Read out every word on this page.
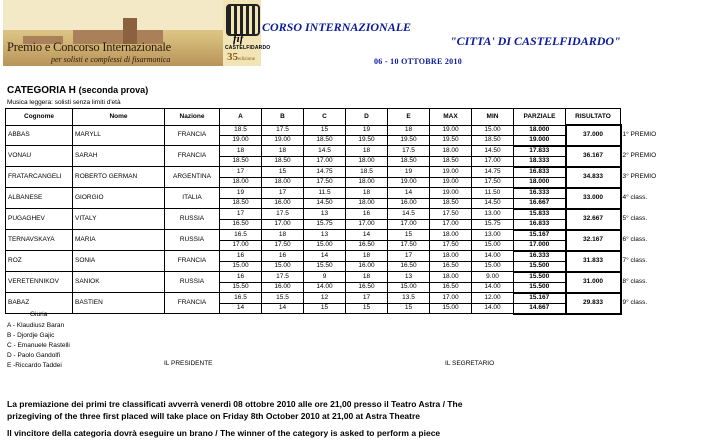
Premio e Concorso Internazionale
per solisti e complessi di fisarmonica
fif
CASTELFIDARDO
35edizione
CORSO INTERNAZIONALE
"CITTA' DI CASTELFIDARDO"
06 - 10 OTTOBRE 2010
CATEGORIA H (seconda prova)
Musica leggera: solisti senza limiti d'età
Cognome	Nome	Nazione	A	B	C	D	E	MAX	MIN	PARZIALE	RISULTATO	
ABBAS	MARYLL	FRANCIA	18.5	17.5	15	19	18	19.00	15.00	18.000	37.000	1° PREMIO
			19.00	19.00	18.50	19.50	19.50	19.50	18.50	19.000		
VONAU	SARAH	FRANCIA	18	18	14.5	18	17.5	18.00	14.50	17.833	36.167	2° PREMIO
			18.50	18.50	17.00	18.00	18.50	18.50	17.00	18.333		
FRATARCANGELI	ROBERTO GERMAN	ARGENTINA	17	15	14.75	18.5	19	19.00	14.75	16.833	34.833	3° PREMIO
			18.00	18.00	17.50	18.00	19.00	19.00	17.50	18.000		
ALBANESE	GIORGIO	ITALIA	19	17	11.5	18	14	19.00	11.50	16.333	33.000	4° class.
			18.50	16.00	14.50	18.00	16.00	18.50	14.50	16.667		
PUGAGHEV	VITALY	RUSSIA	17	17.5	13	16	14.5	17.50	13.00	15.833	32.667	5° class.
			16.50	17.00	15.75	17.00	17.00	17.00	15.75	16.833		
TERNAVSKAYA	MARIA	RUSSIA	16.5	18	13	14	15	18.00	13.00	15.167	32.167	6° class.
			17.00	17.50	15.00	16.50	17.50	17.50	15.00	17.000		
ROZ	SONIA	FRANCIA	16	16	14	18	17	18.00	14.00	16.333	31.833	7° class.
			15.00	15.00	15.50	16.00	16.50	16.50	15.00	15.500		
VERETENNIKOV	SANIOK	RUSSIA	16	17.5	9	18	13	18.00	9.00	15.500	31.000	8° class.
			15.50	16.00	14.00	16.50	15.00	16.50	14.00	15.500		
BABAZ	BASTIEN	FRANCIA	16.5	15.5	12	17	13.5	17.00	12.00	15.167	29.833	9° class.
			14	14	15	15	15	15.00	14.00	14.667		
Giuria
A - Klaudiusz Baran
B - Djordje Gajic
C - Emanuele Rastelli
D - Paolo Gandolfi
E -Riccardo Taddei	IL PRESIDENTE	IL SEGRETARIO
La premiazione dei primi tre classificati avverrà venerdì 08 ottobre 2010 alle ore 21,00 presso il Teatro Astra / The
prizegiving of the three first placed will take place on Friday 8th October 2010 at 21,00 at Astra Theatre
Il vincitore della categoria dovrà eseguire un brano / The winner of the category is asked to perform a piece
